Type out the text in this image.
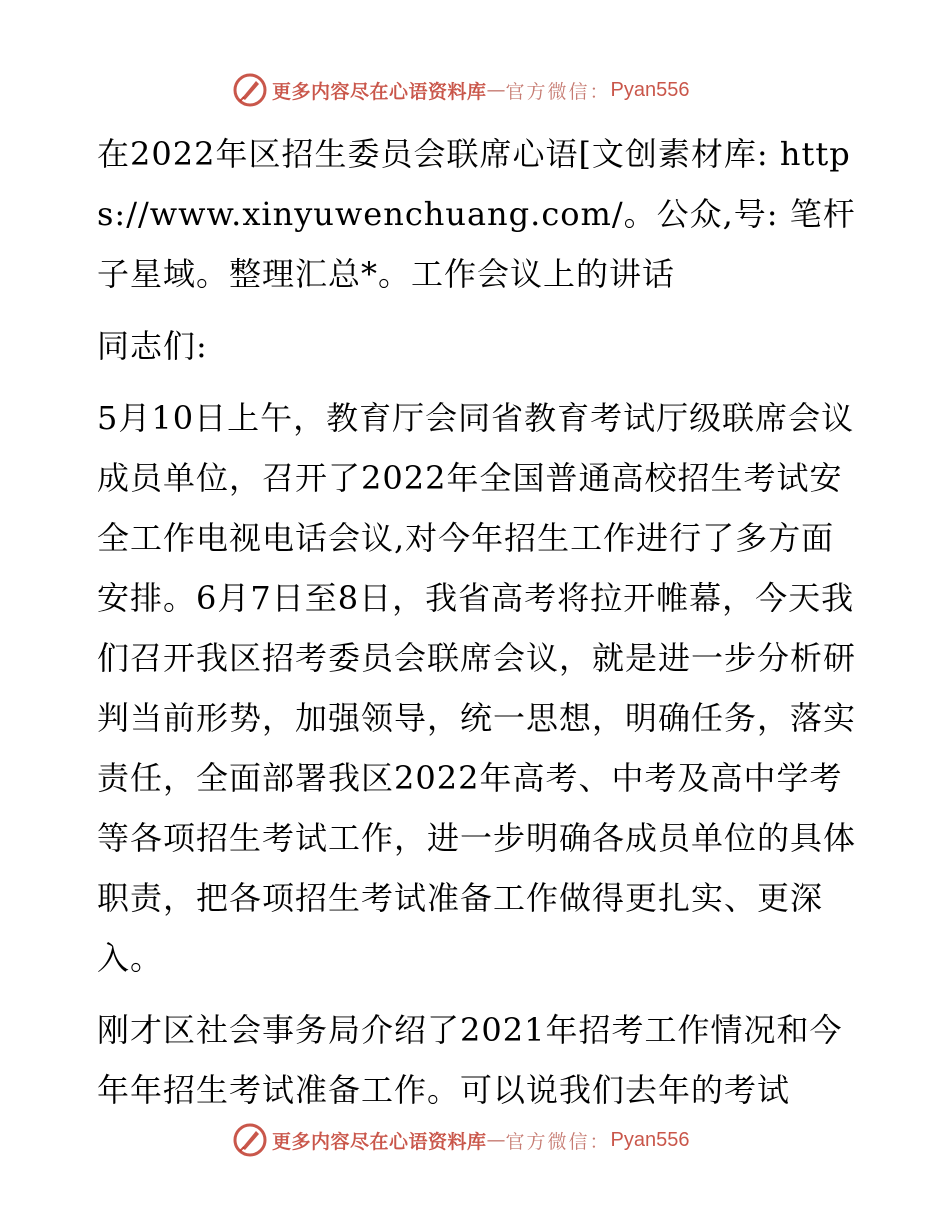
更多内容尽在心语资料库 — 官方微信： Pyan556

在2022年区招生委员会联席心语[文创素材库: https://www.xinyuwenchuang.com/。公众,号: 笔杆子星域。整理汇总*。工作会议上的讲话

同志们:

5月10日上午，教育厅会同省教育考试厅级联席会议成员单位，召开了2022年全国普通高校招生考试安全工作电视电话会议,对今年招生工作进行了多方面安排。6月7日至8日，我省高考将拉开帷幕，今天我们召开我区招考委员会联席会议，就是进一步分析研判当前形势，加强领导，统一思想，明确任务，落实责任，全面部署我区2022年高考、中考及高中学考等各项招生考试工作，进一步明确各成员单位的具体职责，把各项招生考试准备工作做得更扎实、更深入。

刚才区社会事务局介绍了2021年招考工作情况和今年年招生考试准备工作。可以说我们去年的考试

更多内容尽在心语资料库 — 官方微信： Pyan556
